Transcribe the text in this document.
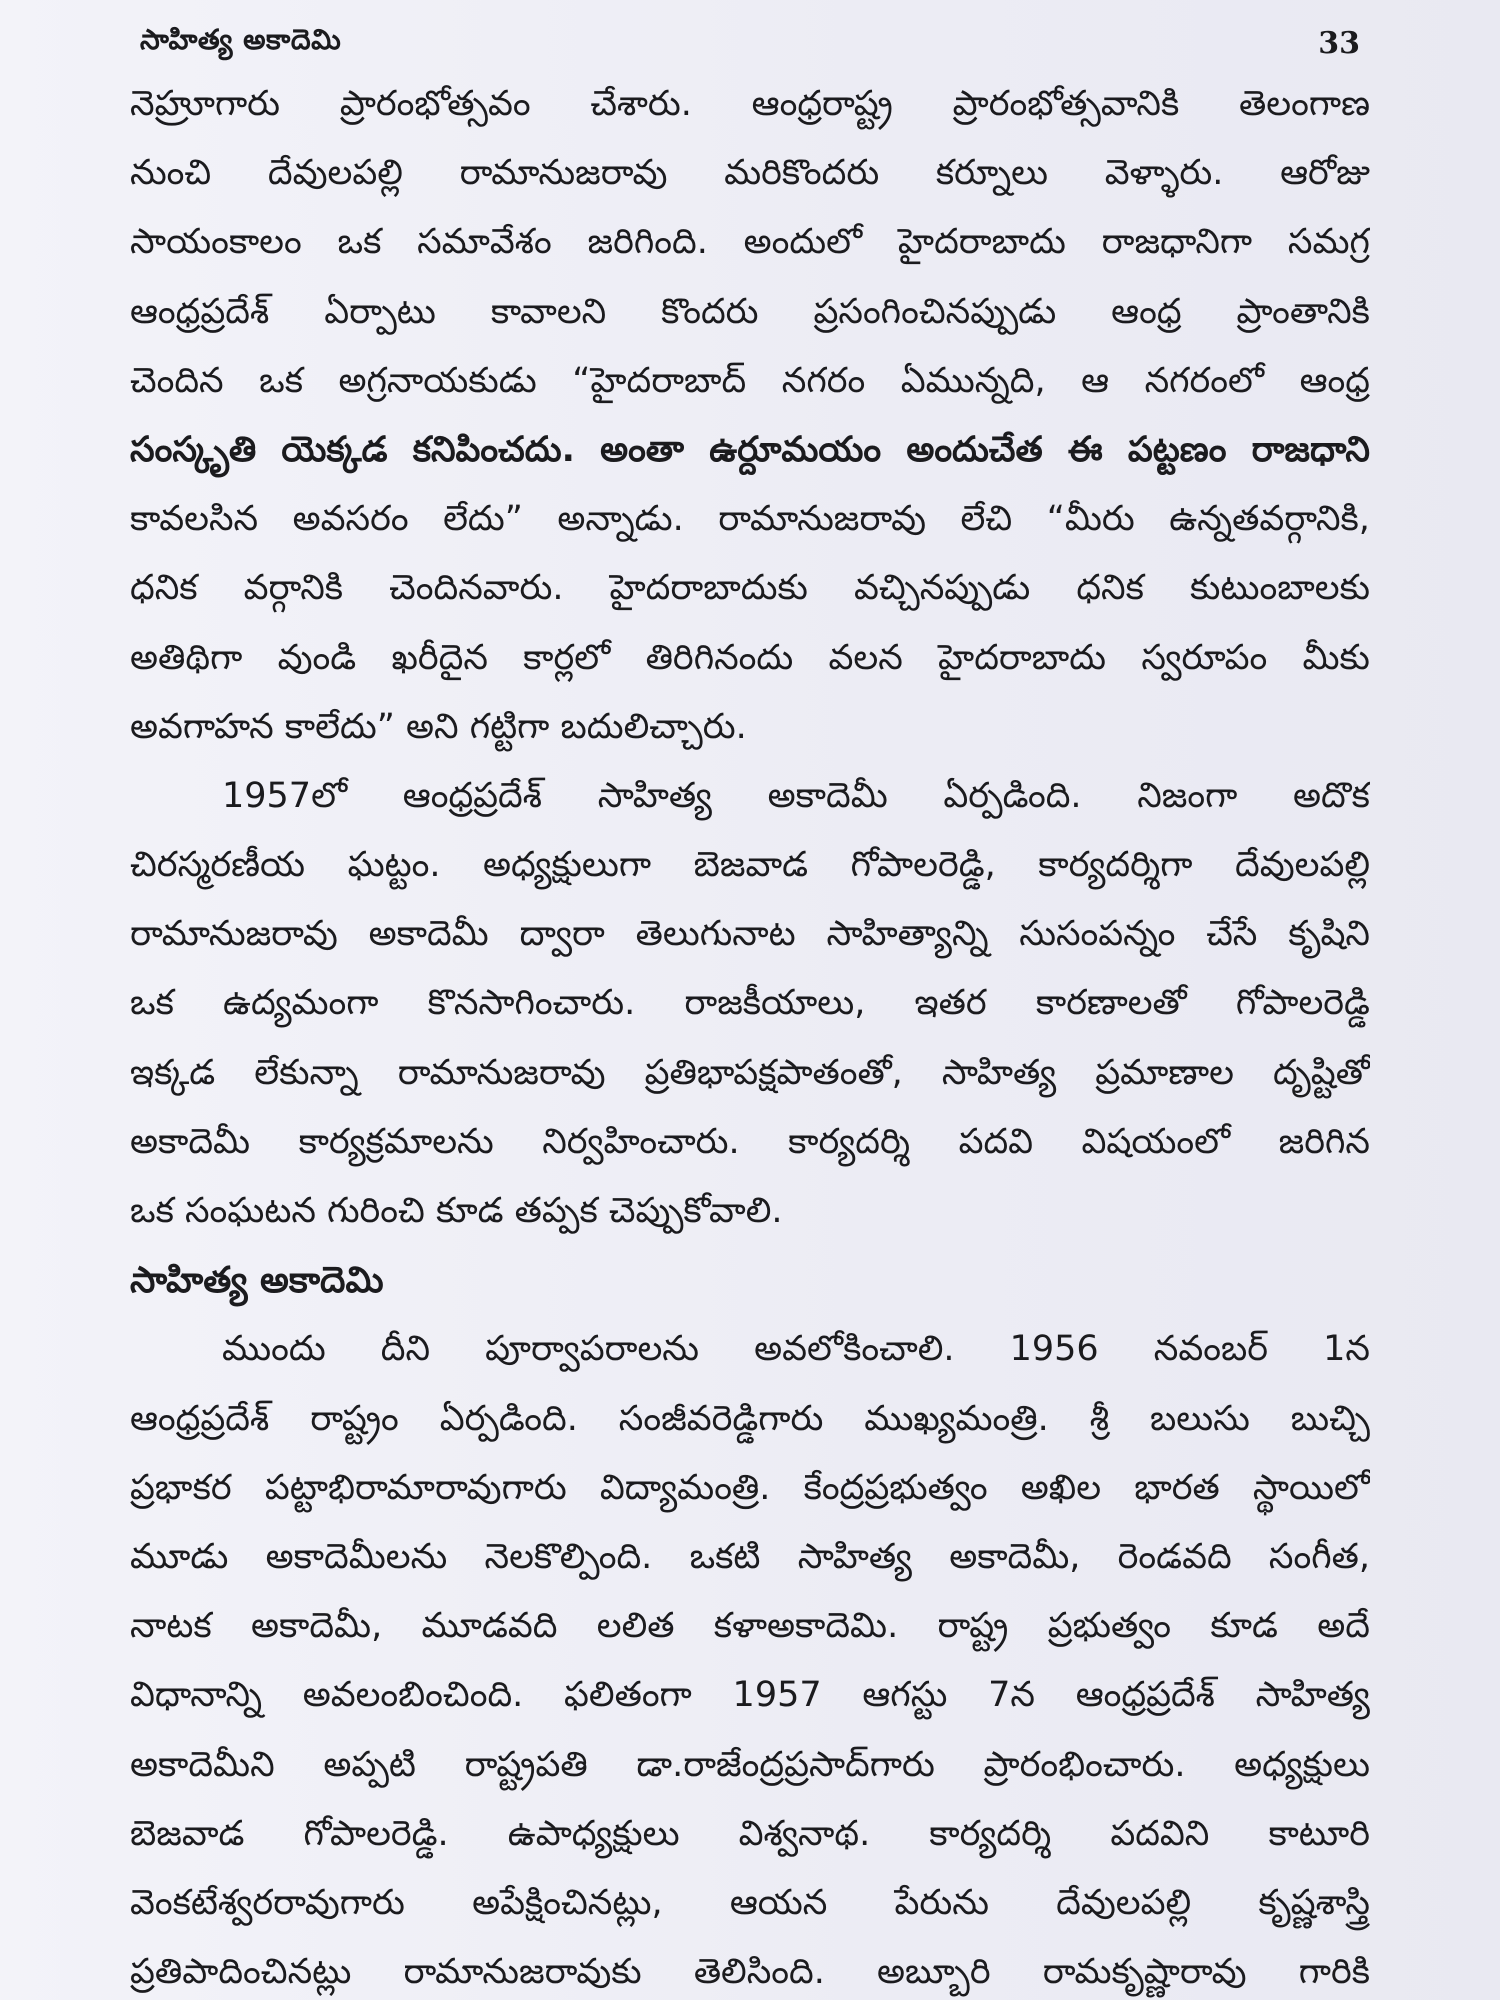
సాహిత్య అకాదెమి	33
నెహ్రూగారు ప్రారంభోత్సవం చేశారు. ఆంధ్రరాష్ట్ర ప్రారంభోత్సవానికి తెలంగాణ
నుంచి దేవులపల్లి రామానుజరావు మరికొందరు కర్నూలు వెళ్ళారు. ఆరోజు
సాయంకాలం ఒక సమావేశం జరిగింది. అందులో హైదరాబాదు రాజధానిగా సమగ్ర
ఆంధ్రప్రదేశ్ ఏర్పాటు కావాలని కొందరు ప్రసంగించినప్పుడు ఆంధ్ర ప్రాంతానికి
చెందిన ఒక అగ్రనాయకుడు “హైదరాబాద్ నగరం ఏమున్నది, ఆ నగరంలో ఆంధ్ర
సంస్కృతి యెక్కడ కనిపించదు. అంతా ఉర్దూమయం అందుచేత ఈ పట్టణం రాజధాని
కావలసిన అవసరం లేదు” అన్నాడు. రామానుజరావు లేచి “మీరు ఉన్నతవర్గానికి,
ధనిక వర్గానికి చెందినవారు. హైదరాబాదుకు వచ్చినప్పుడు ధనిక కుటుంబాలకు
అతిథిగా వుండి ఖరీదైన కార్లలో తిరిగినందు వలన హైదరాబాదు స్వరూపం మీకు
అవగాహన కాలేదు” అని గట్టిగా బదులిచ్చారు.
1957లో ఆంధ్రప్రదేశ్ సాహిత్య అకాదెమీ ఏర్పడింది. నిజంగా అదొక
చిరస్మరణీయ ఘట్టం. అధ్యక్షులుగా బెజవాడ గోపాలరెడ్డి, కార్యదర్శిగా దేవులపల్లి
రామానుజరావు అకాదెమీ ద్వారా తెలుగునాట సాహిత్యాన్ని సుసంపన్నం చేసే కృషిని
ఒక ఉద్యమంగా కొనసాగించారు. రాజకీయాలు, ఇతర కారణాలతో గోపాలరెడ్డి
ఇక్కడ లేకున్నా రామానుజరావు ప్రతిభాపక్షపాతంతో, సాహిత్య ప్రమాణాల దృష్టితో
అకాదెమీ కార్యక్రమాలను నిర్వహించారు. కార్యదర్శి పదవి విషయంలో జరిగిన
ఒక సంఘటన గురించి కూడ తప్పక చెప్పుకోవాలి.
సాహిత్య అకాదెమి
ముందు దీని పూర్వాపరాలను అవలోకించాలి. 1956 నవంబర్ 1న
ఆంధ్రప్రదేశ్ రాష్ట్రం ఏర్పడింది. సంజీవరెడ్డిగారు ముఖ్యమంత్రి. శ్రీ బలుసు బుచ్చి
ప్రభాకర పట్టాభిరామారావుగారు విద్యామంత్రి. కేంద్రప్రభుత్వం అఖిల భారత స్థాయిలో
మూడు అకాదెమీలను నెలకొల్పింది. ఒకటి సాహిత్య అకాదెమీ, రెండవది సంగీత,
నాటక అకాదెమీ, మూడవది లలిత కళాఅకాదెమి. రాష్ట్ర ప్రభుత్వం కూడ అదే
విధానాన్ని అవలంబించింది. ఫలితంగా 1957 ఆగస్టు 7న ఆంధ్రప్రదేశ్ సాహిత్య
అకాదెమీని అప్పటి రాష్ట్రపతి డా.రాజేంద్రప్రసాద్‌గారు ప్రారంభించారు. అధ్యక్షులు
బెజవాడ గోపాలరెడ్డి. ఉపాధ్యక్షులు విశ్వనాథ. కార్యదర్శి పదవిని కాటూరి
వెంకటేశ్వరరావుగారు అపేక్షించినట్లు, ఆయన పేరును దేవులపల్లి కృష్ణశాస్త్రి
ప్రతిపాదించినట్లు రామానుజరావుకు తెలిసింది. అబ్బూరి రామకృష్ణారావు గారికి
